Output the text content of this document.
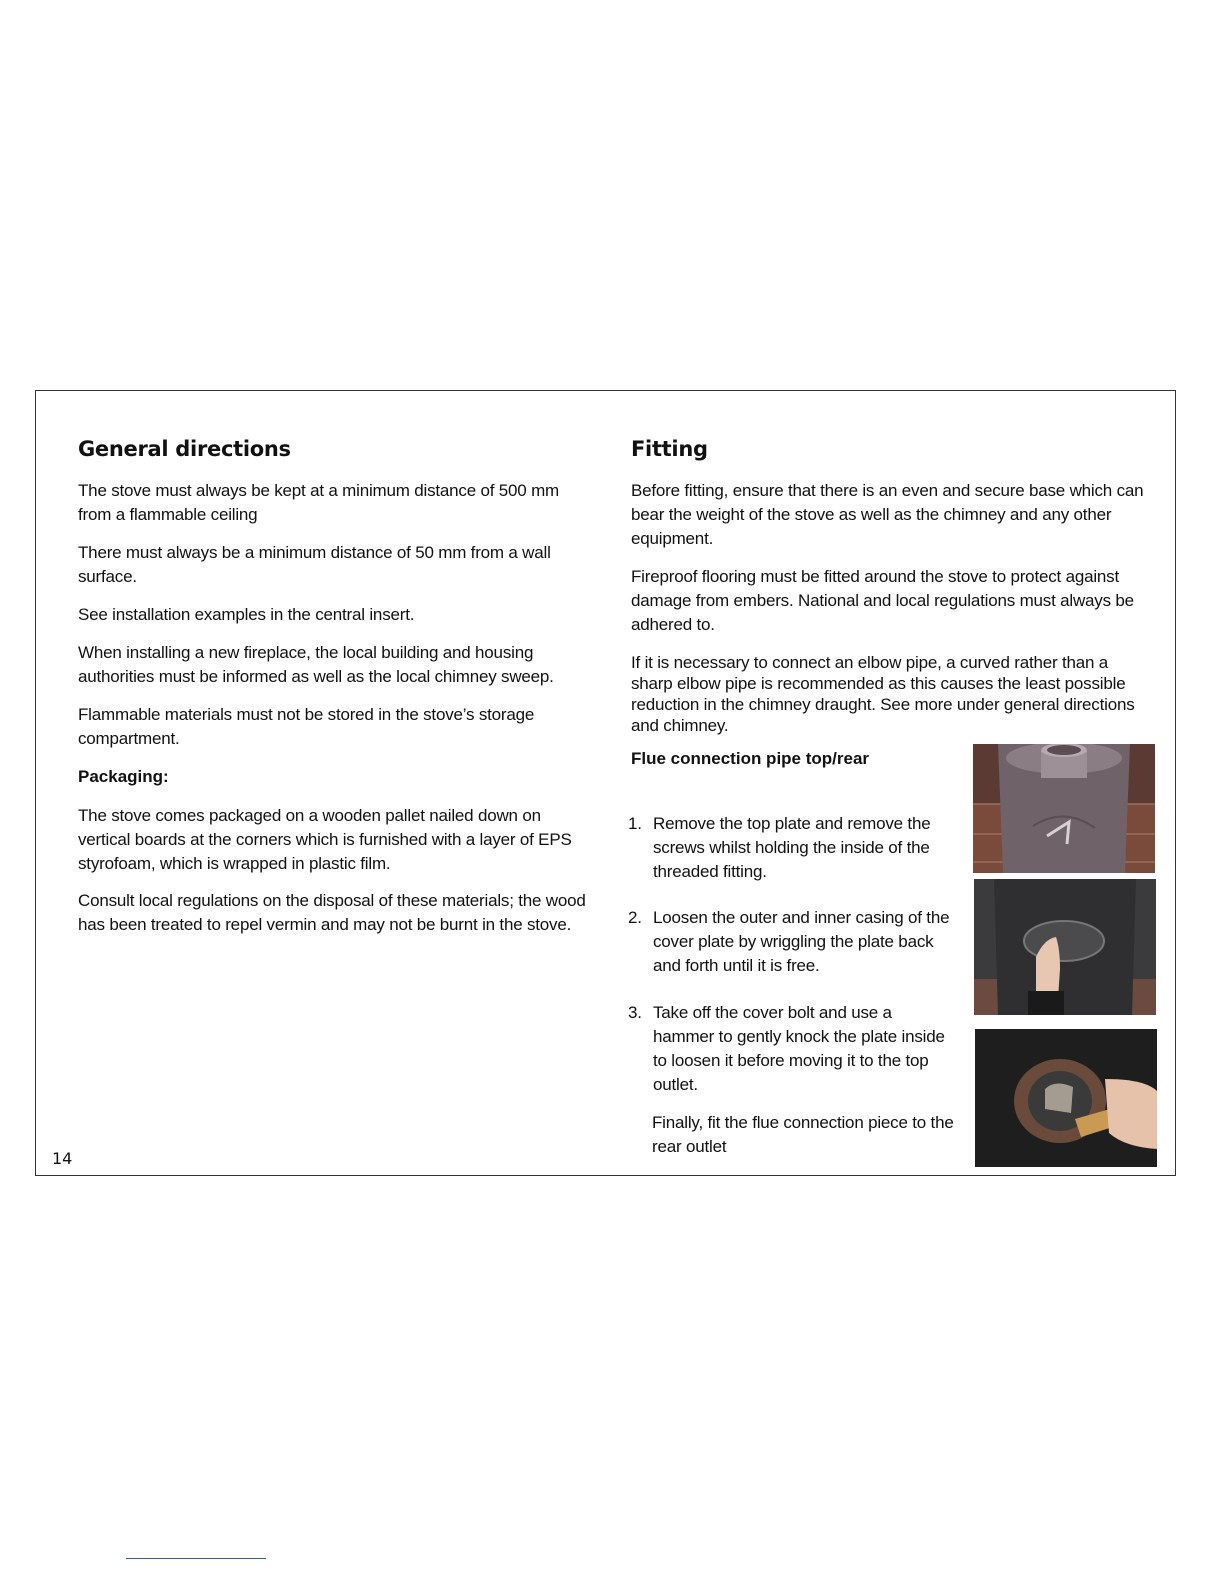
General directions

The stove must always be kept at a minimum distance of 500 mm from a flammable ceiling

There must always be a minimum distance of 50 mm from a wall surface.

See installation examples in the central insert.

When installing a new fireplace, the local building and housing authorities must be informed as well as the local chimney sweep.

Flammable materials must not be stored in the stove’s storage compartment.

Packaging:

The stove comes packaged on a wooden pallet nailed down on vertical boards at the corners which is furnished with a layer of EPS styrofoam, which is wrapped in plastic film.

Consult local regulations on the disposal of these materials; the wood has been treated to repel vermin and may not be burnt in the stove.

14
Fitting

Before fitting, ensure that there is an even and secure base which can bear the weight of the stove as well as the chimney and any other equipment.

Fireproof flooring must be fitted around the stove to protect against damage from embers. National and local regulations must always be adhered to.

If it is necessary to connect an elbow pipe, a curved rather than a sharp elbow pipe is recommended as this causes the least possible reduction in the chimney draught. See more under general directions and chimney.

Flue connection pipe top/rear

1. Remove the top plate and remove the screws whilst holding the inside of the threaded fitting.
2. Loosen the outer and inner casing of the cover plate by wriggling the plate back and forth until it is free.
3. Take off the cover bolt and use a hammer to gently knock the plate inside to loosen it before moving it to the top outlet.

Finally, fit the flue connection piece to the rear outlet
